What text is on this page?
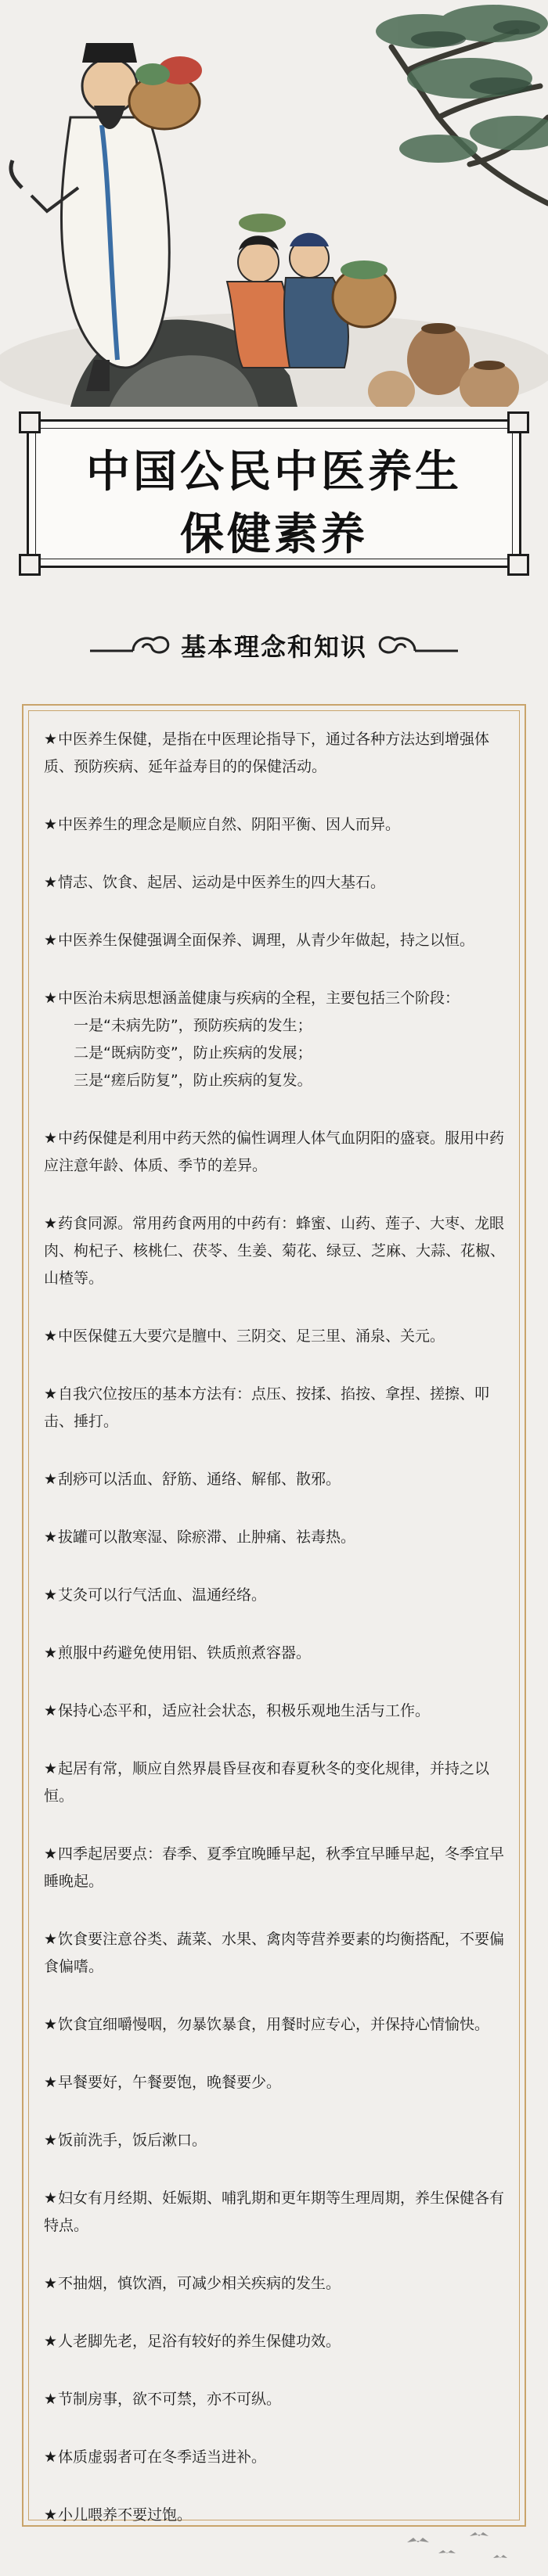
中国公民中医养生
保健素养
基本理念和知识
★中医养生保健，是指在中医理论指导下，通过各种方法达到增强体质、预防疾病、延年益寿目的的保健活动。
★中医养生的理念是顺应自然、阴阳平衡、因人而异。
★情志、饮食、起居、运动是中医养生的四大基石。
★中医养生保健强调全面保养、调理，从青少年做起，持之以恒。
★中医治未病思想涵盖健康与疾病的全程，主要包括三个阶段：
一是“未病先防”，预防疾病的发生；
二是“既病防变”，防止疾病的发展；
三是“瘥后防复”，防止疾病的复发。
★中药保健是利用中药天然的偏性调理人体气血阴阳的盛衰。服用中药应注意年龄、体质、季节的差异。
★药食同源。常用药食两用的中药有：蜂蜜、山药、莲子、大枣、龙眼肉、枸杞子、核桃仁、茯苓、生姜、菊花、绿豆、芝麻、大蒜、花椒、山楂等。
★中医保健五大要穴是膻中、三阴交、足三里、涌泉、关元。
★自我穴位按压的基本方法有：点压、按揉、掐按、拿捏、搓擦、叩击、捶打。
★刮痧可以活血、舒筋、通络、解郁、散邪。
★拔罐可以散寒湿、除瘀滞、止肿痛、祛毒热。
★艾灸可以行气活血、温通经络。
★煎服中药避免使用铝、铁质煎煮容器。
★保持心态平和，适应社会状态，积极乐观地生活与工作。
★起居有常，顺应自然界晨昏昼夜和春夏秋冬的变化规律，并持之以恒。
★四季起居要点：春季、夏季宜晚睡早起，秋季宜早睡早起，冬季宜早睡晚起。
★饮食要注意谷类、蔬菜、水果、禽肉等营养要素的均衡搭配，不要偏食偏嗜。
★饮食宜细嚼慢咽，勿暴饮暴食，用餐时应专心，并保持心情愉快。
★早餐要好，午餐要饱，晚餐要少。
★饭前洗手，饭后漱口。
★妇女有月经期、妊娠期、哺乳期和更年期等生理周期，养生保健各有特点。
★不抽烟，慎饮酒，可减少相关疾病的发生。
★人老脚先老，足浴有较好的养生保健功效。
★节制房事，欲不可禁，亦不可纵。
★体质虚弱者可在冬季适当进补。
★小儿喂养不要过饱。
